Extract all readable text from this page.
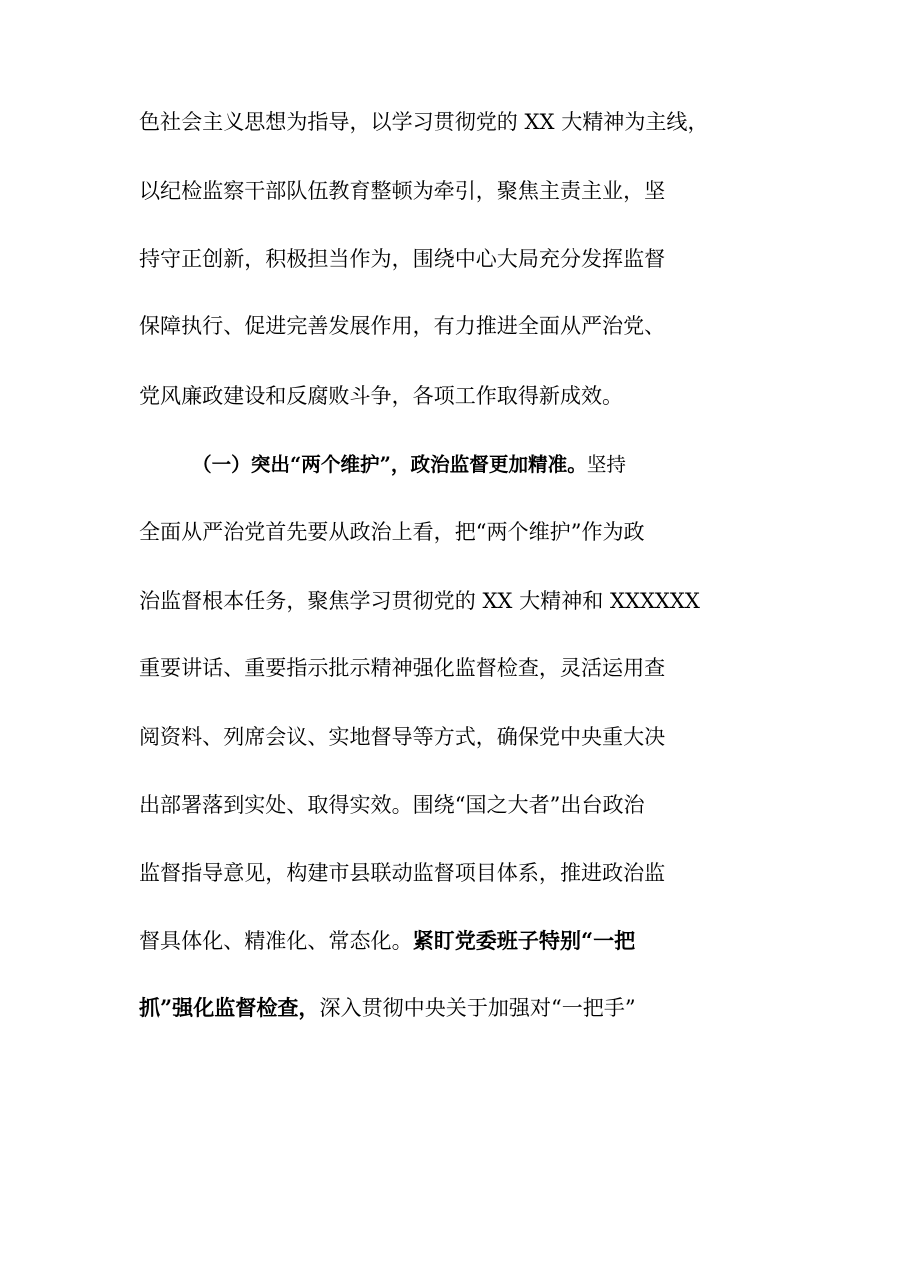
色社会主义思想为指导，以学习贯彻党的 XX 大精神为主线，
以纪检监察干部队伍教育整顿为牵引，聚焦主责主业，坚
持守正创新，积极担当作为，围绕中心大局充分发挥监督
保障执行、促进完善发展作用，有力推进全面从严治党、
党风廉政建设和反腐败斗争，各项工作取得新成效。
（一）突出“两个维护”，政治监督更加精准。坚持
全面从严治党首先要从政治上看，把“两个维护”作为政
治监督根本任务，聚焦学习贯彻党的 XX 大精神和 XXXXXX
重要讲话、重要指示批示精神强化监督检查，灵活运用查
阅资料、列席会议、实地督导等方式，确保党中央重大决
出部署落到实处、取得实效。围绕“国之大者”出台政治
监督指导意见，构建市县联动监督项目体系，推进政治监
督具体化、精准化、常态化。紧盯党委班子特别“一把
抓”强化监督检查，深入贯彻中央关于加强对“一把手”
